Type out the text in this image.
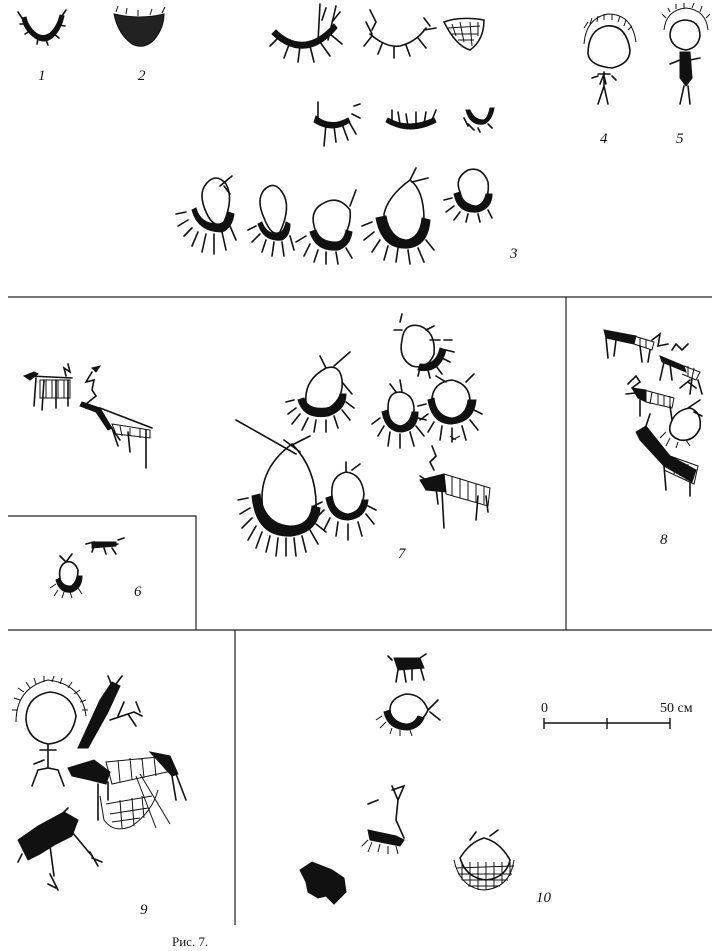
0	50 см
1	2
3
4	5
6
7
8
9
10
Рис. 7.
